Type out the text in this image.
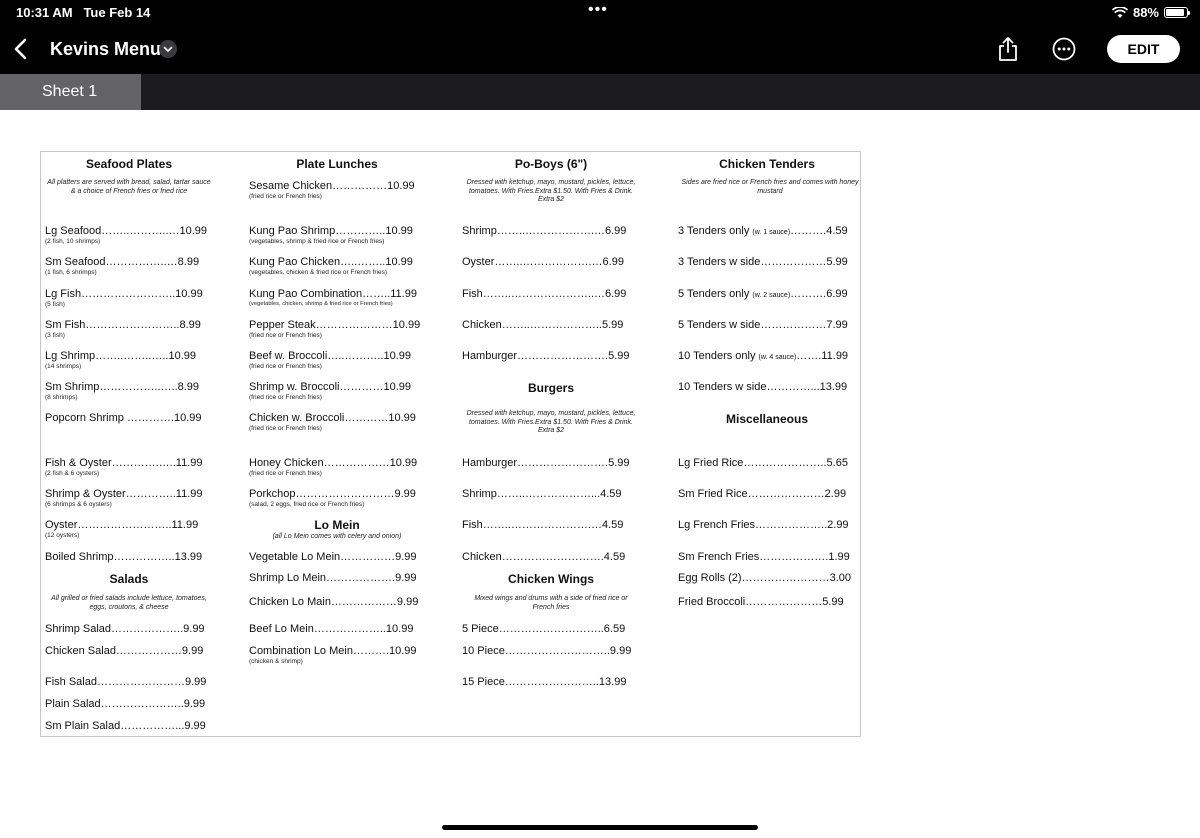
10:31 AM Tue Feb 14	•••	88%
Kevins Menu	EDIT
Sheet 1
Seafood Plates
All platters are served with bread, salad, tartar sauce & a choice of French fries or fried rice
Lg Seafood……..………..…10.99
(2 fish, 10 shrimps)
Sm Seafood……………..…8.99
(1 fish, 6 shrimps)
Lg Fish……………………..10.99
(5 fish)
Sm Fish……………………..8.99
(3 fish)
Lg Shrimp……..……..…..10.99
(14 shrimps)
Sm Shrimp……………..…..8.99
(8 shrimps)
Popcorn Shrimp ………….10.99
Fish & Oyster………….…..11.99
(2 fish & 6 oysters)
Shrimp & Oyster…………..11.99
(6 shrimps & 6 oysters)
Oyster……………………..11.99
(12 oysters)
Boiled Shrimp……………..13.99
Salads
All grilled or fried salads include lettuce, tomatoes, eggs, croutons, & cheese
Shrimp Salad………………..9.99
Chicken Salad………………9.99
Fish Salad……………………9.99
Plain Salad…………………..9.99
Sm Plain Salad……………...9.99
Plate Lunches
Sesame Chicken……………10.99
(fried rice or French fries)
Kung Pao Shrimp…………..10.99
(vegetables, shrimp & fried rice or French fries)
Kung Pao Chicken…..……..10.99
(vegetables, chicken & fried rice or French fries)
Kung Pao Combination……..11.99
(vegetables, chicken, shrimp & fried rice or French fries)
Pepper Steak…………………10.99
(fried rice or French fries)
Beef w. Broccoli…..………..10.99
(fried rice or French fries)
Shrimp w. Broccoli…………10.99
(fried rice or French fries)
Chicken w. Broccoli…………10.99
(fried rice or French fries)
Honey Chicken………………10.99
(fried rice or French fries)
Porkchop………………………9.99
(salad, 2 eggs, fried rice or French fries)
Lo Mein
(all Lo Mein comes with celery and onion)
Vegetable Lo Mein……………9.99
Shrimp Lo Mein……………….9.99
Chicken Lo Main………………9.99
Beef Lo Mein………………..10.99
Combination Lo Mein……….10.99
(chicken & shrimp)
Po-Boys (6")
Dressed with ketchup, mayo, mustard, pickles, lettuce, tomatoes. With Fries.Extra $1.50. With Fries & Drink. Extra $2
Shrimp……..……………….…6.99
Oyster……..……………….…6.99
Fish……..…………………..…6.99
Chicken……..………………..5.99
Hamburger…………………….5.99
Burgers
Dressed with ketchup, mayo, mustard, pickles, lettuce, tomatoes. With Fries.Extra $1.50. With Fries & Drink. Extra $2
Hamburger…………………….5.99
Shrimp……..………………...4.59
Fish……..………………….…4.59
Chicken……………………….4.59
Chicken Wings
Mixed wings and drums with a side of fried rice or French fries
5 Piece………………………..6.59
10 Piece………………………..9.99
15 Piece……………………..13.99
Chicken Tenders
Sides are fried rice or French fries and comes with honey mustard
3 Tenders only (w. 1 sauce)……….4.59
3 Tenders w side………………5.99
5 Tenders only (w. 2 sauce)……….6.99
5 Tenders w side………………7.99
10 Tenders only (w. 4 sauce)…….11.99
10 Tenders w side…………...13.99
Miscellaneous
Lg Fried Rice…………………..5.65
Sm Fried Rice…………………2.99
Lg French Fries………………..2.99
Sm French Fries……………….1.99
Egg Rolls (2)……………………3.00
Fried Broccoli…………………5.99
